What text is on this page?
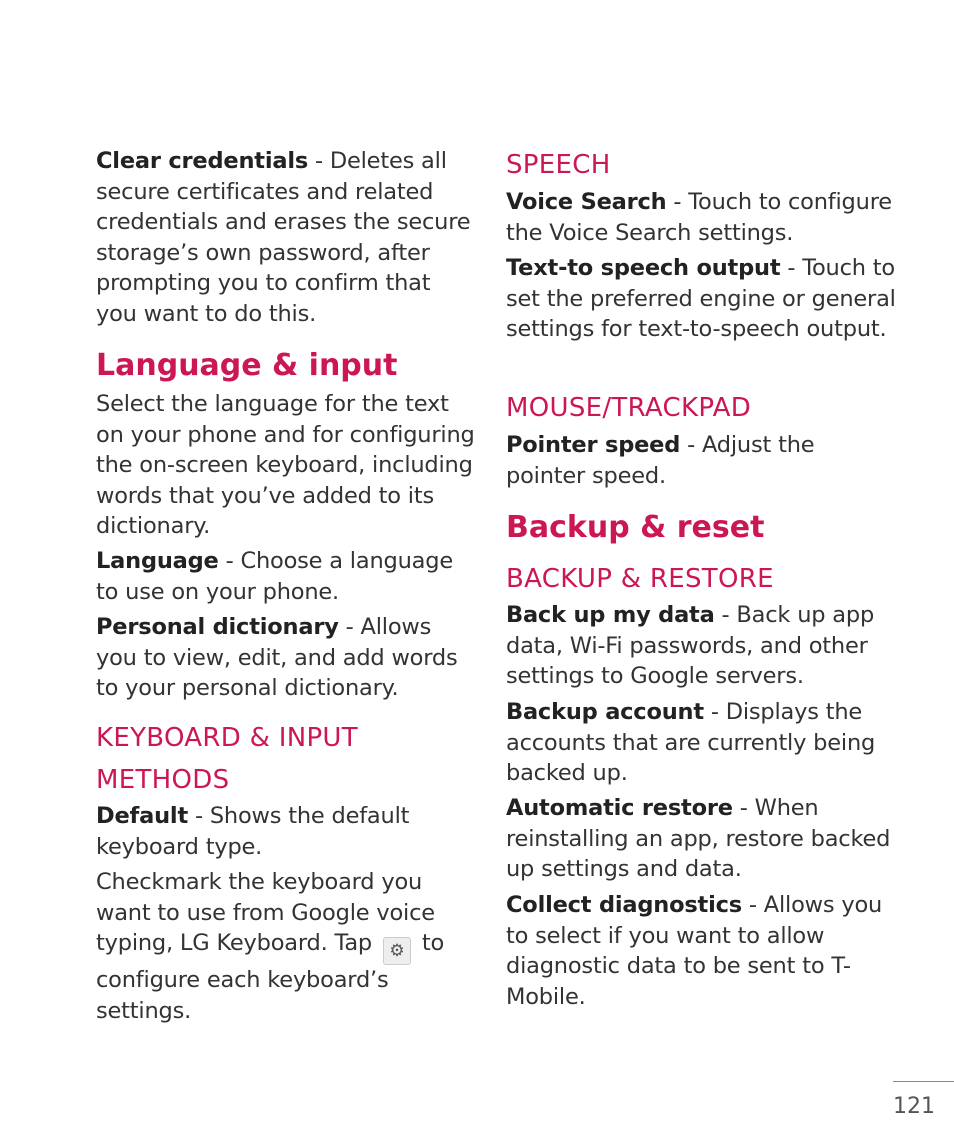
Clear credentials - Deletes all secure certificates and related credentials and erases the secure storage’s own password, after prompting you to confirm that you want to do this.

Language & input

Select the language for the text on your phone and for configuring the on-screen keyboard, including words that you’ve added to its dictionary.

Language - Choose a language to use on your phone.

Personal dictionary - Allows you to view, edit, and add words to your personal dictionary.

KEYBOARD & INPUT
METHODS

Default - Shows the default keyboard type.

Checkmark the keyboard you want to use from Google voice typing, LG Keyboard. Tap ⚙ to configure each keyboard’s settings.

SPEECH

Voice Search - Touch to configure the Voice Search settings.

Text-to speech output - Touch to set the preferred engine or general settings for text-to-speech output.

MOUSE/TRACKPAD

Pointer speed - Adjust the pointer speed.

Backup & reset
BACKUP & RESTORE

Back up my data - Back up app data, Wi-Fi passwords, and other settings to Google servers.

Backup account - Displays the accounts that are currently being backed up.

Automatic restore - When reinstalling an app, restore backed up settings and data.

Collect diagnostics - Allows you to select if you want to allow diagnostic data to be sent to T-Mobile.

121
